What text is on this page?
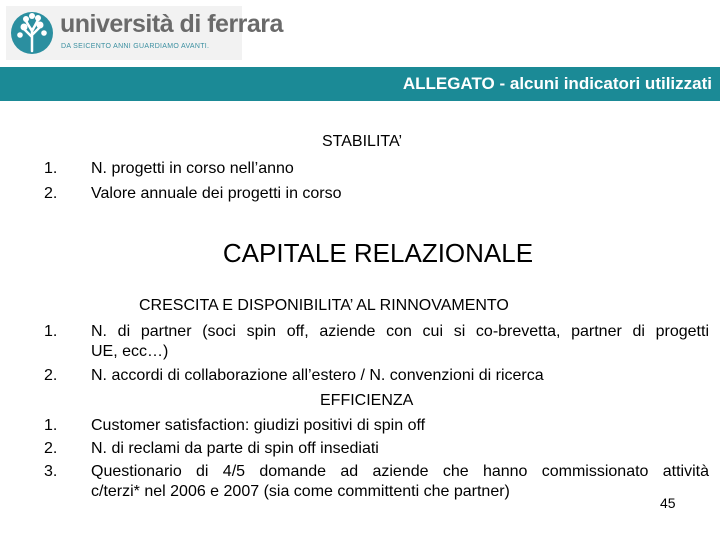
università di ferrara
DA SEICENTO ANNI GUARDIAMO AVANTI.
ALLEGATO - alcuni indicatori utilizzati
STABILITA’
1. N. progetti in corso nell’anno
2. Valore annuale dei progetti in corso
CAPITALE RELAZIONALE
CRESCITA E DISPONIBILITA’ AL RINNOVAMENTO
1. N. di partner (soci spin off, aziende con cui si co-brevetta, partner di progetti
UE, ecc…)
2. N. accordi di collaborazione all’estero / N. convenzioni di ricerca
EFFICIENZA
1. Customer satisfaction: giudizi positivi di spin off
2. N. di reclami da parte di spin off insediati
3. Questionario di 4/5 domande ad aziende che hanno commissionato attività
c/terzi* nel 2006 e 2007 (sia come committenti che partner)
45
